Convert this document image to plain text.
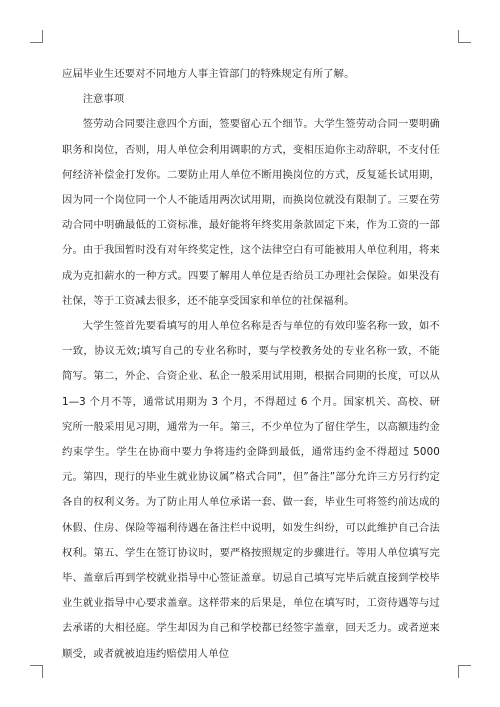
应届毕业生还要对不同地方人事主管部门的特殊规定有所了解。

注意事项

签劳动合同要注意四个方面，签要留心五个细节。大学生签劳动合同一要明确职务和岗位，否则，用人单位会利用调职的方式，变相压迫你主动辞职，不支付任何经济补偿金打发你。二要防止用人单位不断用换岗位的方式，反复延长试用期，因为同一个岗位同一个人不能适用两次试用期，而换岗位就没有限制了。三要在劳动合同中明确最低的工资标准，最好能将年终奖用条款固定下来，作为工资的一部分。由于我国暂时没有对年终奖定性，这个法律空白有可能被用人单位利用，将来成为克扣薪水的一种方式。四要了解用人单位是否给员工办理社会保险。如果没有社保，等于工资减去很多，还不能享受国家和单位的社保福利。

大学生签首先要看填写的用人单位名称是否与单位的有效印鉴名称一致，如不一致，协议无效;填写自己的专业名称时，要与学校教务处的专业名称一致，不能简写。第二，外企、合资企业、私企一般采用试用期，根据合同期的长度，可以从 1—3 个月不等，通常试用期为 3 个月，不得超过 6 个月。国家机关、高校、研究所一般采用见习期，通常为一年。第三，不少单位为了留住学生，以高额违约金约束学生。学生在协商中要力争将违约金降到最低，通常违约金不得超过 5000 元。第四，现行的毕业生就业协议属”格式合同”，但”备注”部分允许三方另行约定各自的权利义务。为了防止用人单位承诺一套、做一套，毕业生可将签约前达成的休假、住房、保险等福利待遇在备注栏中说明，如发生纠纷，可以此维护自己合法权利。第五、学生在签订协议时，要严格按照规定的步骤进行。等用人单位填写完毕、盖章后再到学校就业指导中心签证盖章。切忌自己填写完毕后就直接到学校毕业生就业指导中心要求盖章。这样带来的后果是，单位在填写时，工资待遇等与过去承诺的大相径庭。学生却因为自己和学校都已经签字盖章，回天乏力。或者逆来顺受，或者就被迫违约赔偿用人单位
